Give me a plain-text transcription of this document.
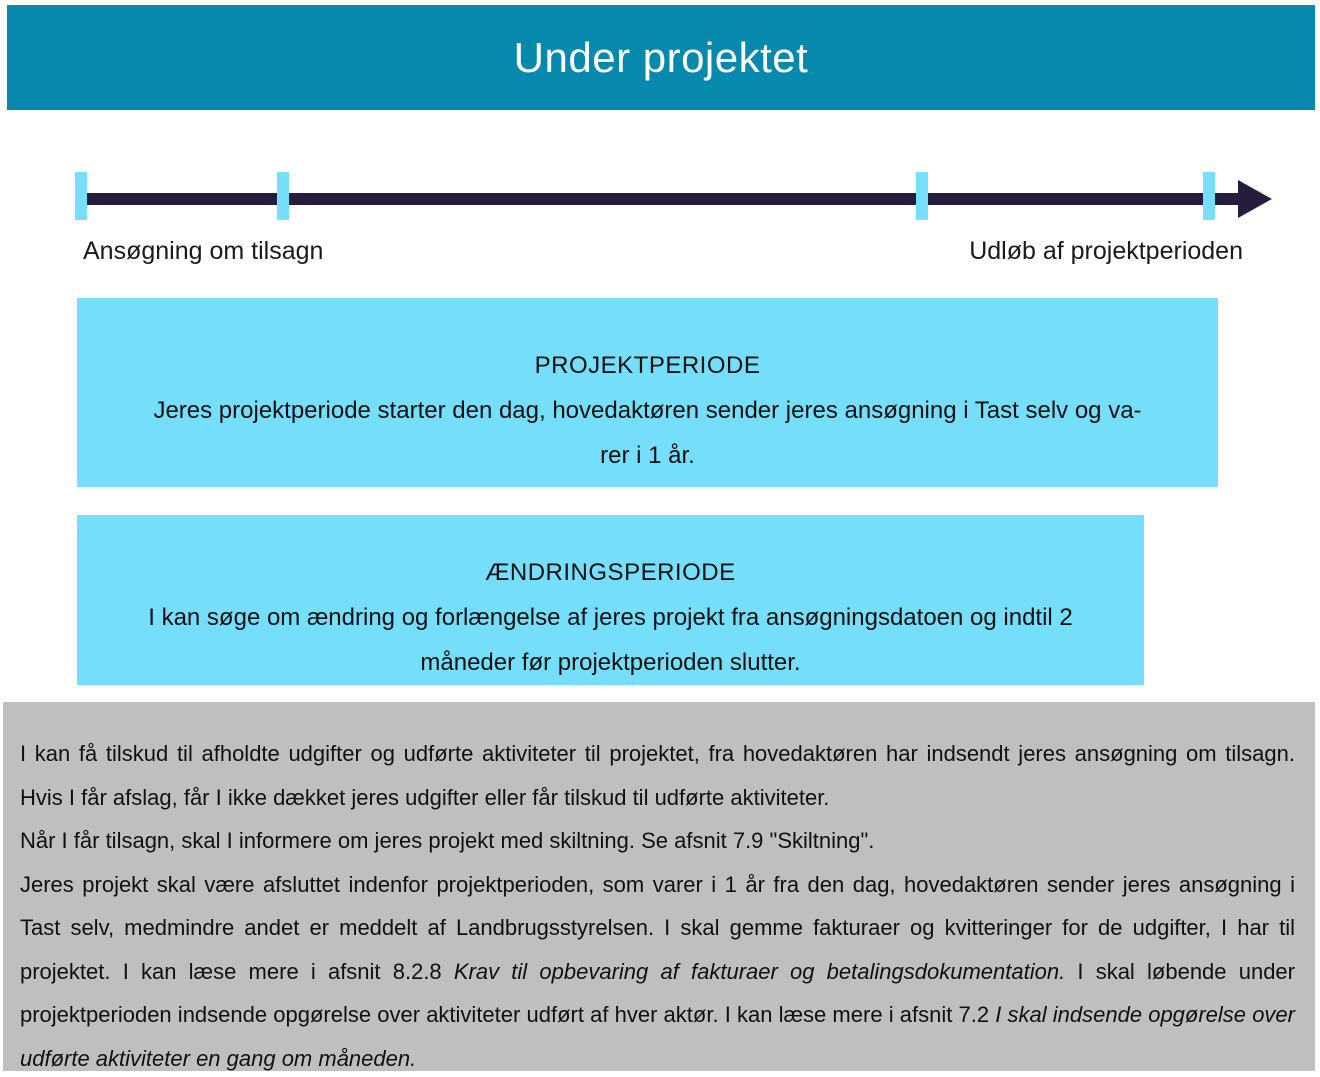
Under projektet
Ansøgning om tilsagn	Udløb af projektperioden
PROJEKTPERIODE
Jeres projektperiode starter den dag, hovedaktøren sender jeres ansøgning i Tast selv og va-
rer i 1 år.
ÆNDRINGSPERIODE
I kan søge om ændring og forlængelse af jeres projekt fra ansøgningsdatoen og indtil 2
måneder før projektperioden slutter.

I kan få tilskud til afholdte udgifter og udførte aktiviteter til projektet, fra hovedaktøren har indsendt jeres ansøgning om tilsagn. Hvis I får afslag, får I ikke dækket jeres udgifter eller får tilskud til udførte aktiviteter.

Når I får tilsagn, skal I informere om jeres projekt med skiltning. Se afsnit 7.9 "Skiltning".

Jeres projekt skal være afsluttet indenfor projektperioden, som varer i 1 år fra den dag, hovedaktøren sender jeres ansøgning i Tast selv, medmindre andet er meddelt af Landbrugsstyrelsen. I skal gemme fakturaer og kvitteringer for de udgifter, I har til projektet. I kan læse mere i afsnit 8.2.8 Krav til opbevaring af fakturaer og betalingsdokumentation. I skal løbende under projektperioden indsende opgørelse over aktiviteter udført af hver aktør. I kan læse mere i afsnit 7.2 I skal indsende opgørelse over udførte aktiviteter en gang om måneden.
